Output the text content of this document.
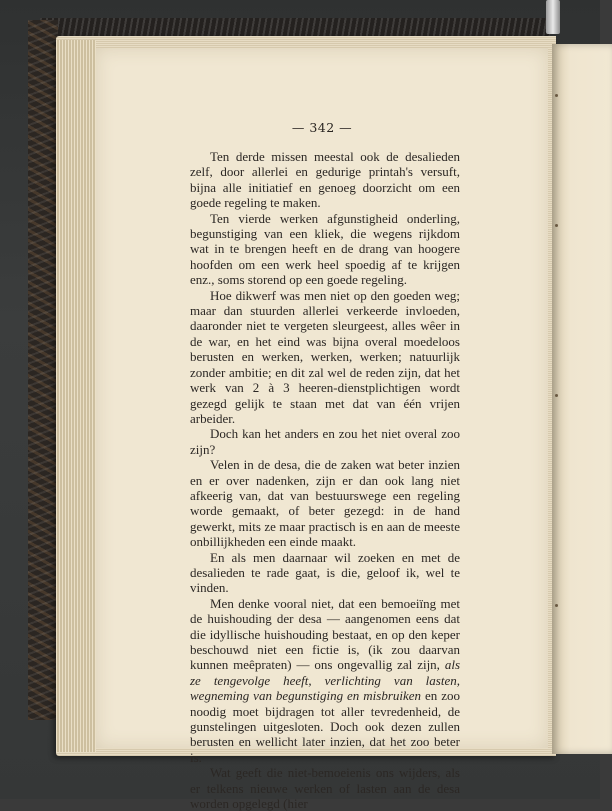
— 342 —

Ten derde missen meestal ook de desalieden zelf, door allerlei en gedurige printah's versuft, bijna alle initiatief en genoeg doorzicht om een goede regeling te maken.

Ten vierde werken afgunstigheid onderling, begunstiging van een kliek, die wegens rijkdom wat in te brengen heeft en de drang van hoogere hoofden om een werk heel spoedig af te krijgen enz., soms storend op een goede regeling.

Hoe dikwerf was men niet op den goeden weg; maar dan stuurden allerlei verkeerde invloeden, daaronder niet te vergeten sleurgeest, alles wêer in de war, en het eind was bijna overal moedeloos berusten en werken, werken, werken; natuurlijk zonder ambitie; en dit zal wel de reden zijn, dat het werk van 2 à 3 heeren-dienstplichtigen wordt gezegd gelijk te staan met dat van één vrijen arbeider.

Doch kan het anders en zou het niet overal zoo zijn?

Velen in de desa, die de zaken wat beter inzien en er over nadenken, zijn er dan ook lang niet afkeerig van, dat van bestuurswege een regeling worde gemaakt, of beter gezegd: in de hand gewerkt, mits ze maar practisch is en aan de meeste onbillijkheden een einde maakt.

En als men daarnaar wil zoeken en met de desalieden te rade gaat, is die, geloof ik, wel te vinden.

Men denke vooral niet, dat een bemoeiïng met de huishouding der desa — aangenomen eens dat die idyllische huishouding bestaat, en op den keper beschouwd niet een fictie is, (ik zou daarvan kunnen meêpraten) — ons ongevallig zal zijn, als ze tengevolge heeft, verlichting van lasten, wegneming van begunstiging en misbruiken en zoo noodig moet bijdragen tot aller tevredenheid, de gunstelingen uitgesloten. Doch ook dezen zullen berusten en wellicht later inzien, dat het zoo beter is.

Wat geeft die niet-bemoeienis ons wijders, als er telkens nieuwe werken of lasten aan de desa worden opgelegd (hier
